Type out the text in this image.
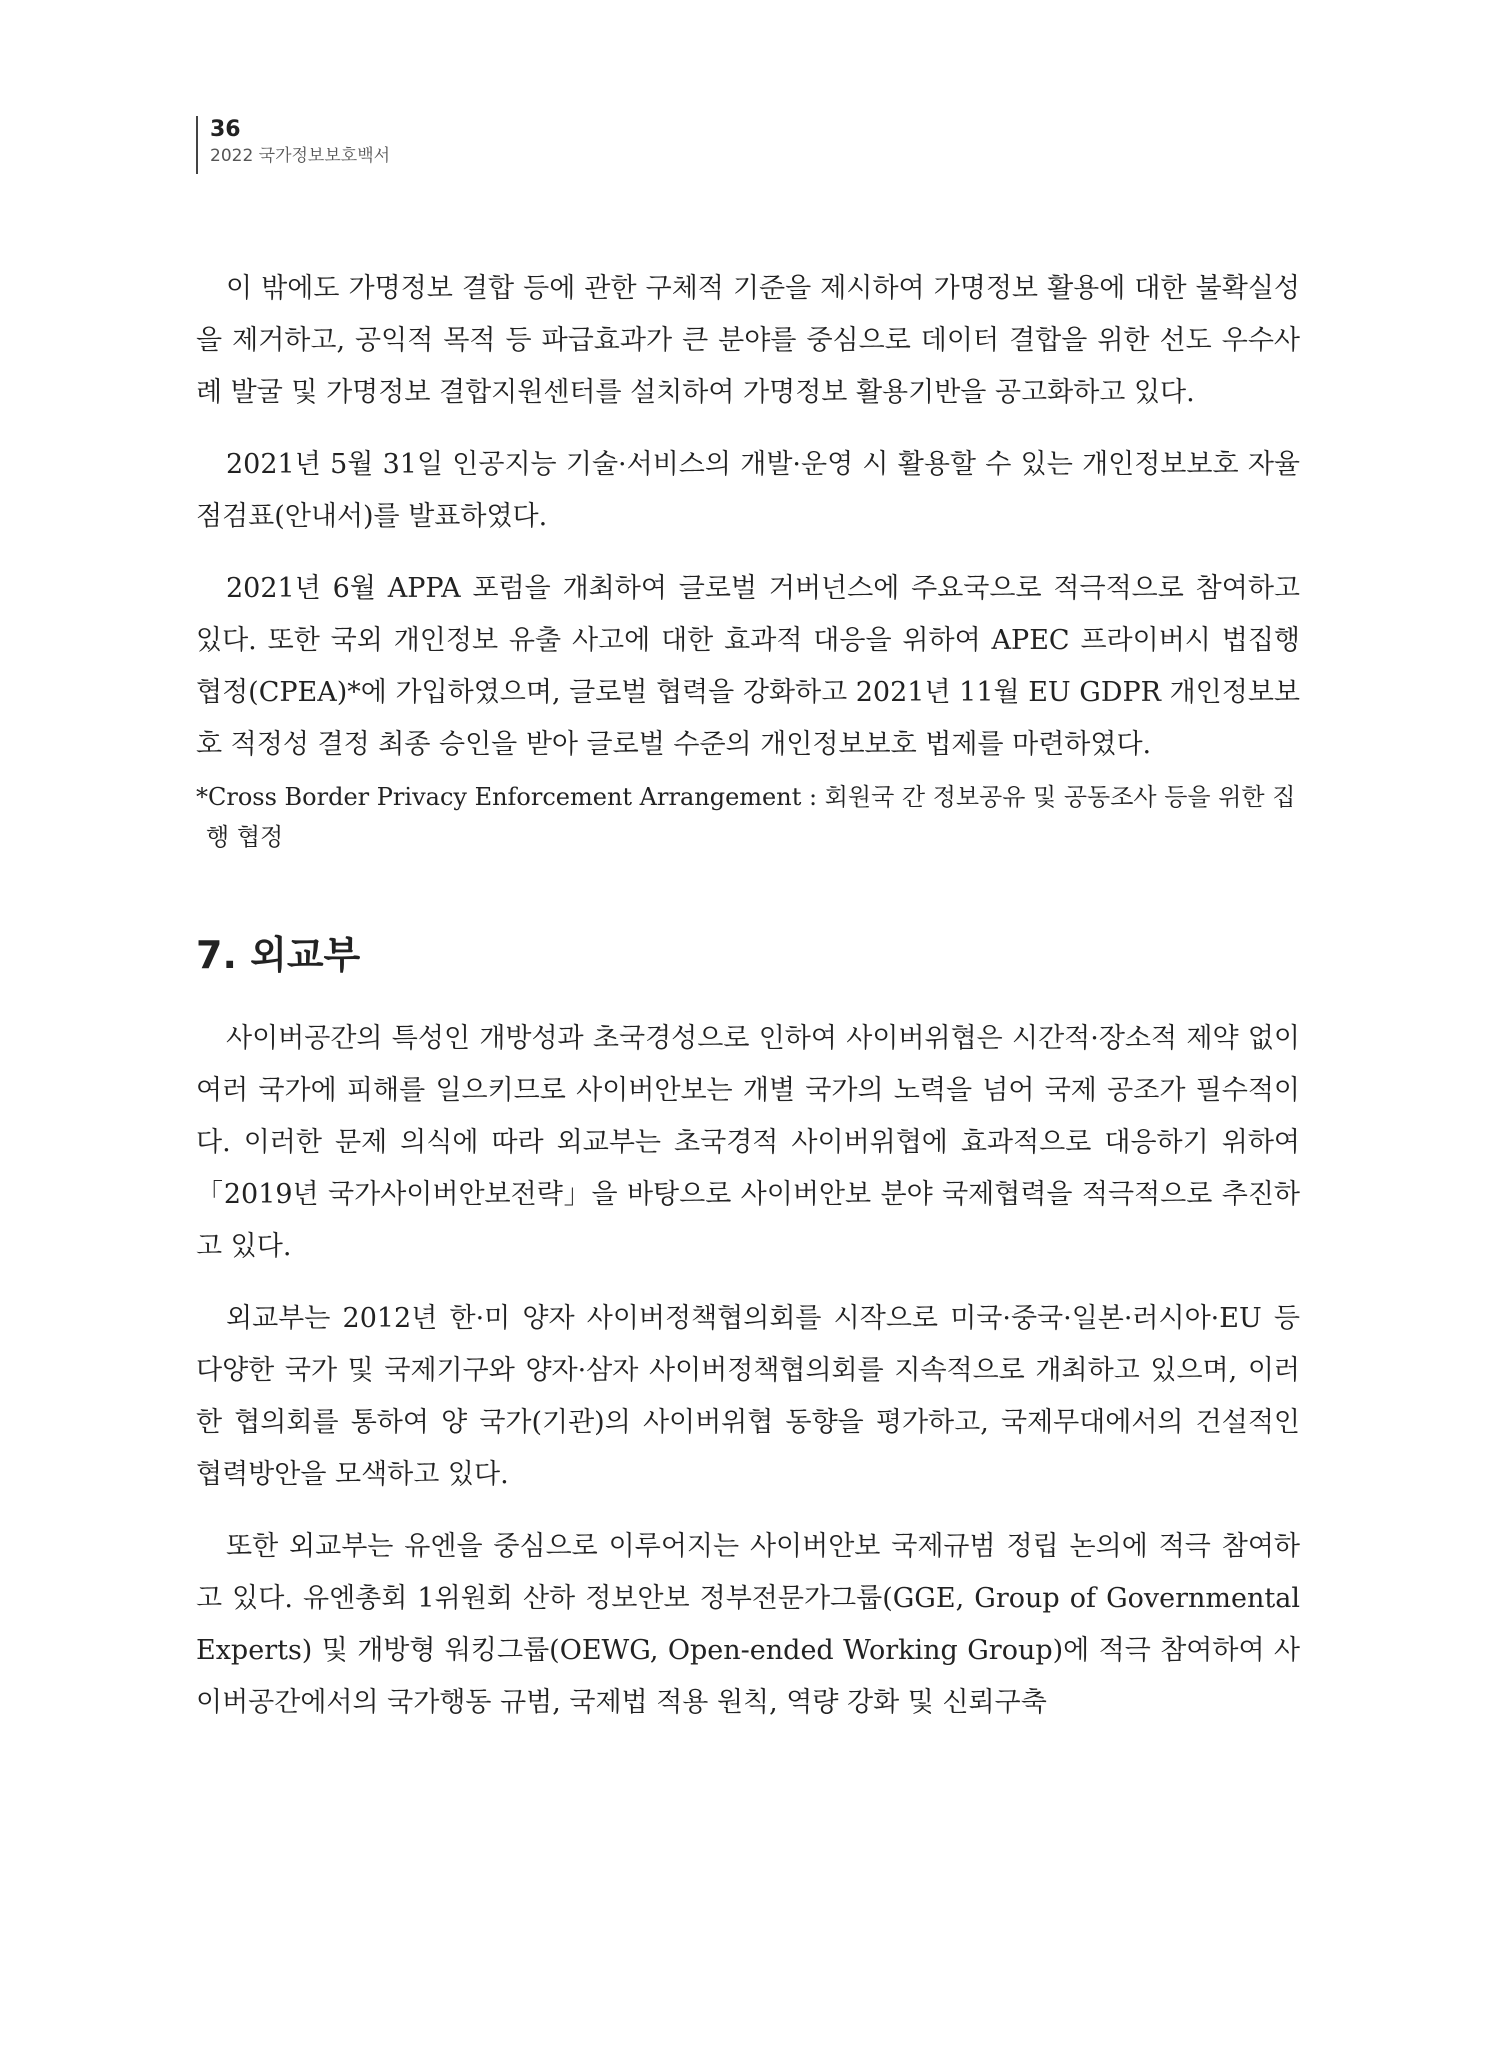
36
2022 국가정보보호백서

이 밖에도 가명정보 결합 등에 관한 구체적 기준을 제시하여 가명정보 활용에 대한 불확실성을 제거하고, 공익적 목적 등 파급효과가 큰 분야를 중심으로 데이터 결합을 위한 선도 우수사례 발굴 및 가명정보 결합지원센터를 설치하여 가명정보 활용기반을 공고화하고 있다.

2021년 5월 31일 인공지능 기술·서비스의 개발·운영 시 활용할 수 있는 개인정보보호 자율점검표(안내서)를 발표하였다.

2021년 6월 APPA 포럼을 개최하여 글로벌 거버넌스에 주요국으로 적극적으로 참여하고 있다. 또한 국외 개인정보 유출 사고에 대한 효과적 대응을 위하여 APEC 프라이버시 법집행 협정(CPEA)*에 가입하였으며, 글로벌 협력을 강화하고 2021년 11월 EU GDPR 개인정보보호 적정성 결정 최종 승인을 받아 글로벌 수준의 개인정보보호 법제를 마련하였다.

*Cross Border Privacy Enforcement Arrangement : 회원국 간 정보공유 및 공동조사 등을 위한 집행 협정

7. 외교부

사이버공간의 특성인 개방성과 초국경성으로 인하여 사이버위협은 시간적·장소적 제약 없이 여러 국가에 피해를 일으키므로 사이버안보는 개별 국가의 노력을 넘어 국제 공조가 필수적이다. 이러한 문제 의식에 따라 외교부는 초국경적 사이버위협에 효과적으로 대응하기 위하여 「2019년 국가사이버안보전략」을 바탕으로 사이버안보 분야 국제협력을 적극적으로 추진하고 있다.

외교부는 2012년 한·미 양자 사이버정책협의회를 시작으로 미국·중국·일본·러시아·EU 등 다양한 국가 및 국제기구와 양자·삼자 사이버정책협의회를 지속적으로 개최하고 있으며, 이러한 협의회를 통하여 양 국가(기관)의 사이버위협 동향을 평가하고, 국제무대에서의 건설적인 협력방안을 모색하고 있다.

또한 외교부는 유엔을 중심으로 이루어지는 사이버안보 국제규범 정립 논의에 적극 참여하고 있다. 유엔총회 1위원회 산하 정보안보 정부전문가그룹(GGE, Group of Governmental Experts) 및 개방형 워킹그룹(OEWG, Open-ended Working Group)에 적극 참여하여 사이버공간에서의 국가행동 규범, 국제법 적용 원칙, 역량 강화 및 신뢰구축
